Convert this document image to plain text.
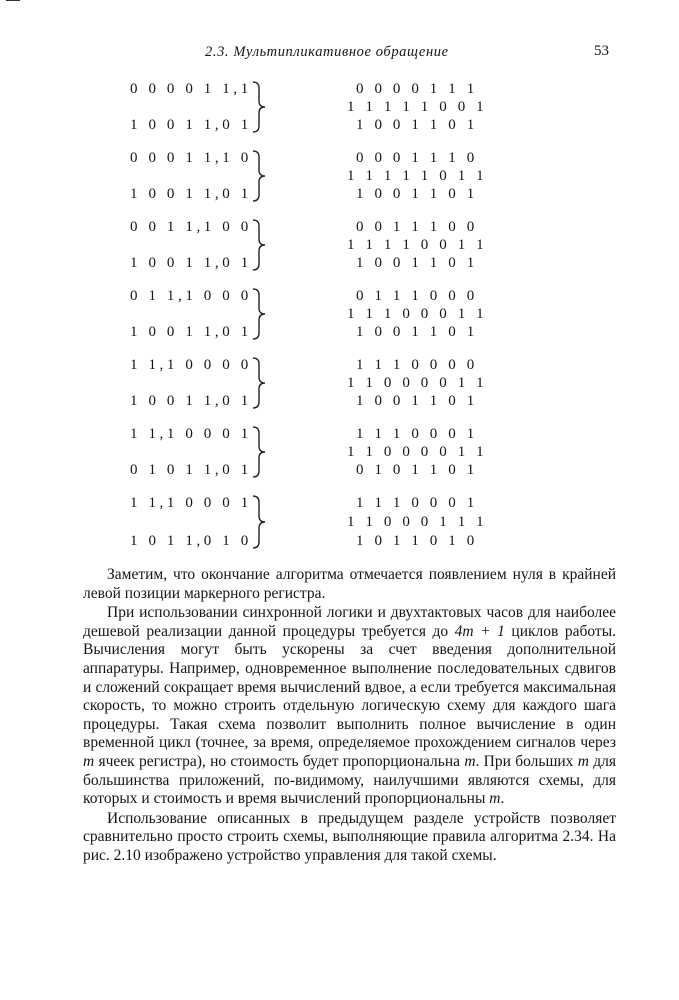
2.3. Мультипликативное обращение	53
0 0 0 0 1 1,1
1 0 0 1 1,0 1
0 0 0 0 1 1 1
1 1 1 1 1 0 0 1
1 0 0 1 1 0 1
0 0 0 1 1,1 0
1 0 0 1 1,0 1
0 0 0 1 1 1 0
1 1 1 1 1 0 1 1
1 0 0 1 1 0 1
0 0 1 1,1 0 0
1 0 0 1 1,0 1
0 0 1 1 1 0 0
1 1 1 1 0 0 1 1
1 0 0 1 1 0 1
0 1 1,1 0 0 0
1 0 0 1 1,0 1
0 1 1 1 0 0 0
1 1 1 0 0 0 1 1
1 0 0 1 1 0 1
1 1,1 0 0 0 0
1 0 0 1 1,0 1
1 1 1 0 0 0 0
1 1 0 0 0 0 1 1
1 0 0 1 1 0 1
1 1,1 0 0 0 1
0 1 0 1 1,0 1
1 1 1 0 0 0 1
1 1 0 0 0 0 1 1
0 1 0 1 1 0 1
1 1,1 0 0 0 1
1 0 1 1,0 1 0
1 1 1 0 0 0 1
1 1 0 0 0 1 1 1
1 0 1 1 0 1 0

Заметим, что окончание алгоритма отмечается появлением нуля в крайней левой позиции маркерного регистра.

При использовании синхронной логики и двухтактовых часов для наиболее дешевой реализации данной процедуры требуется до 4m + 1 циклов работы. Вычисления могут быть ускорены за счет введения дополнительной аппаратуры. Например, одновременное выполнение последовательных сдвигов и сложений сокращает время вычислений вдвое, а если требуется максимальная скорость, то можно строить отдельную логическую схему для каждого шага процедуры. Такая схема позволит выполнить полное вычисление в один временной цикл (точнее, за время, определяемое прохождением сигналов через m ячеек регистра), но стоимость будет пропорциональна m. При больших m для большинства приложений, по-видимому, наилучшими являются схемы, для которых и стоимость и время вычислений пропорциональны m.

Использование описанных в предыдущем разделе устройств позволяет сравнительно просто строить схемы, выполняющие правила алгоритма 2.34. На рис. 2.10 изображено устройство управления для такой схемы.
